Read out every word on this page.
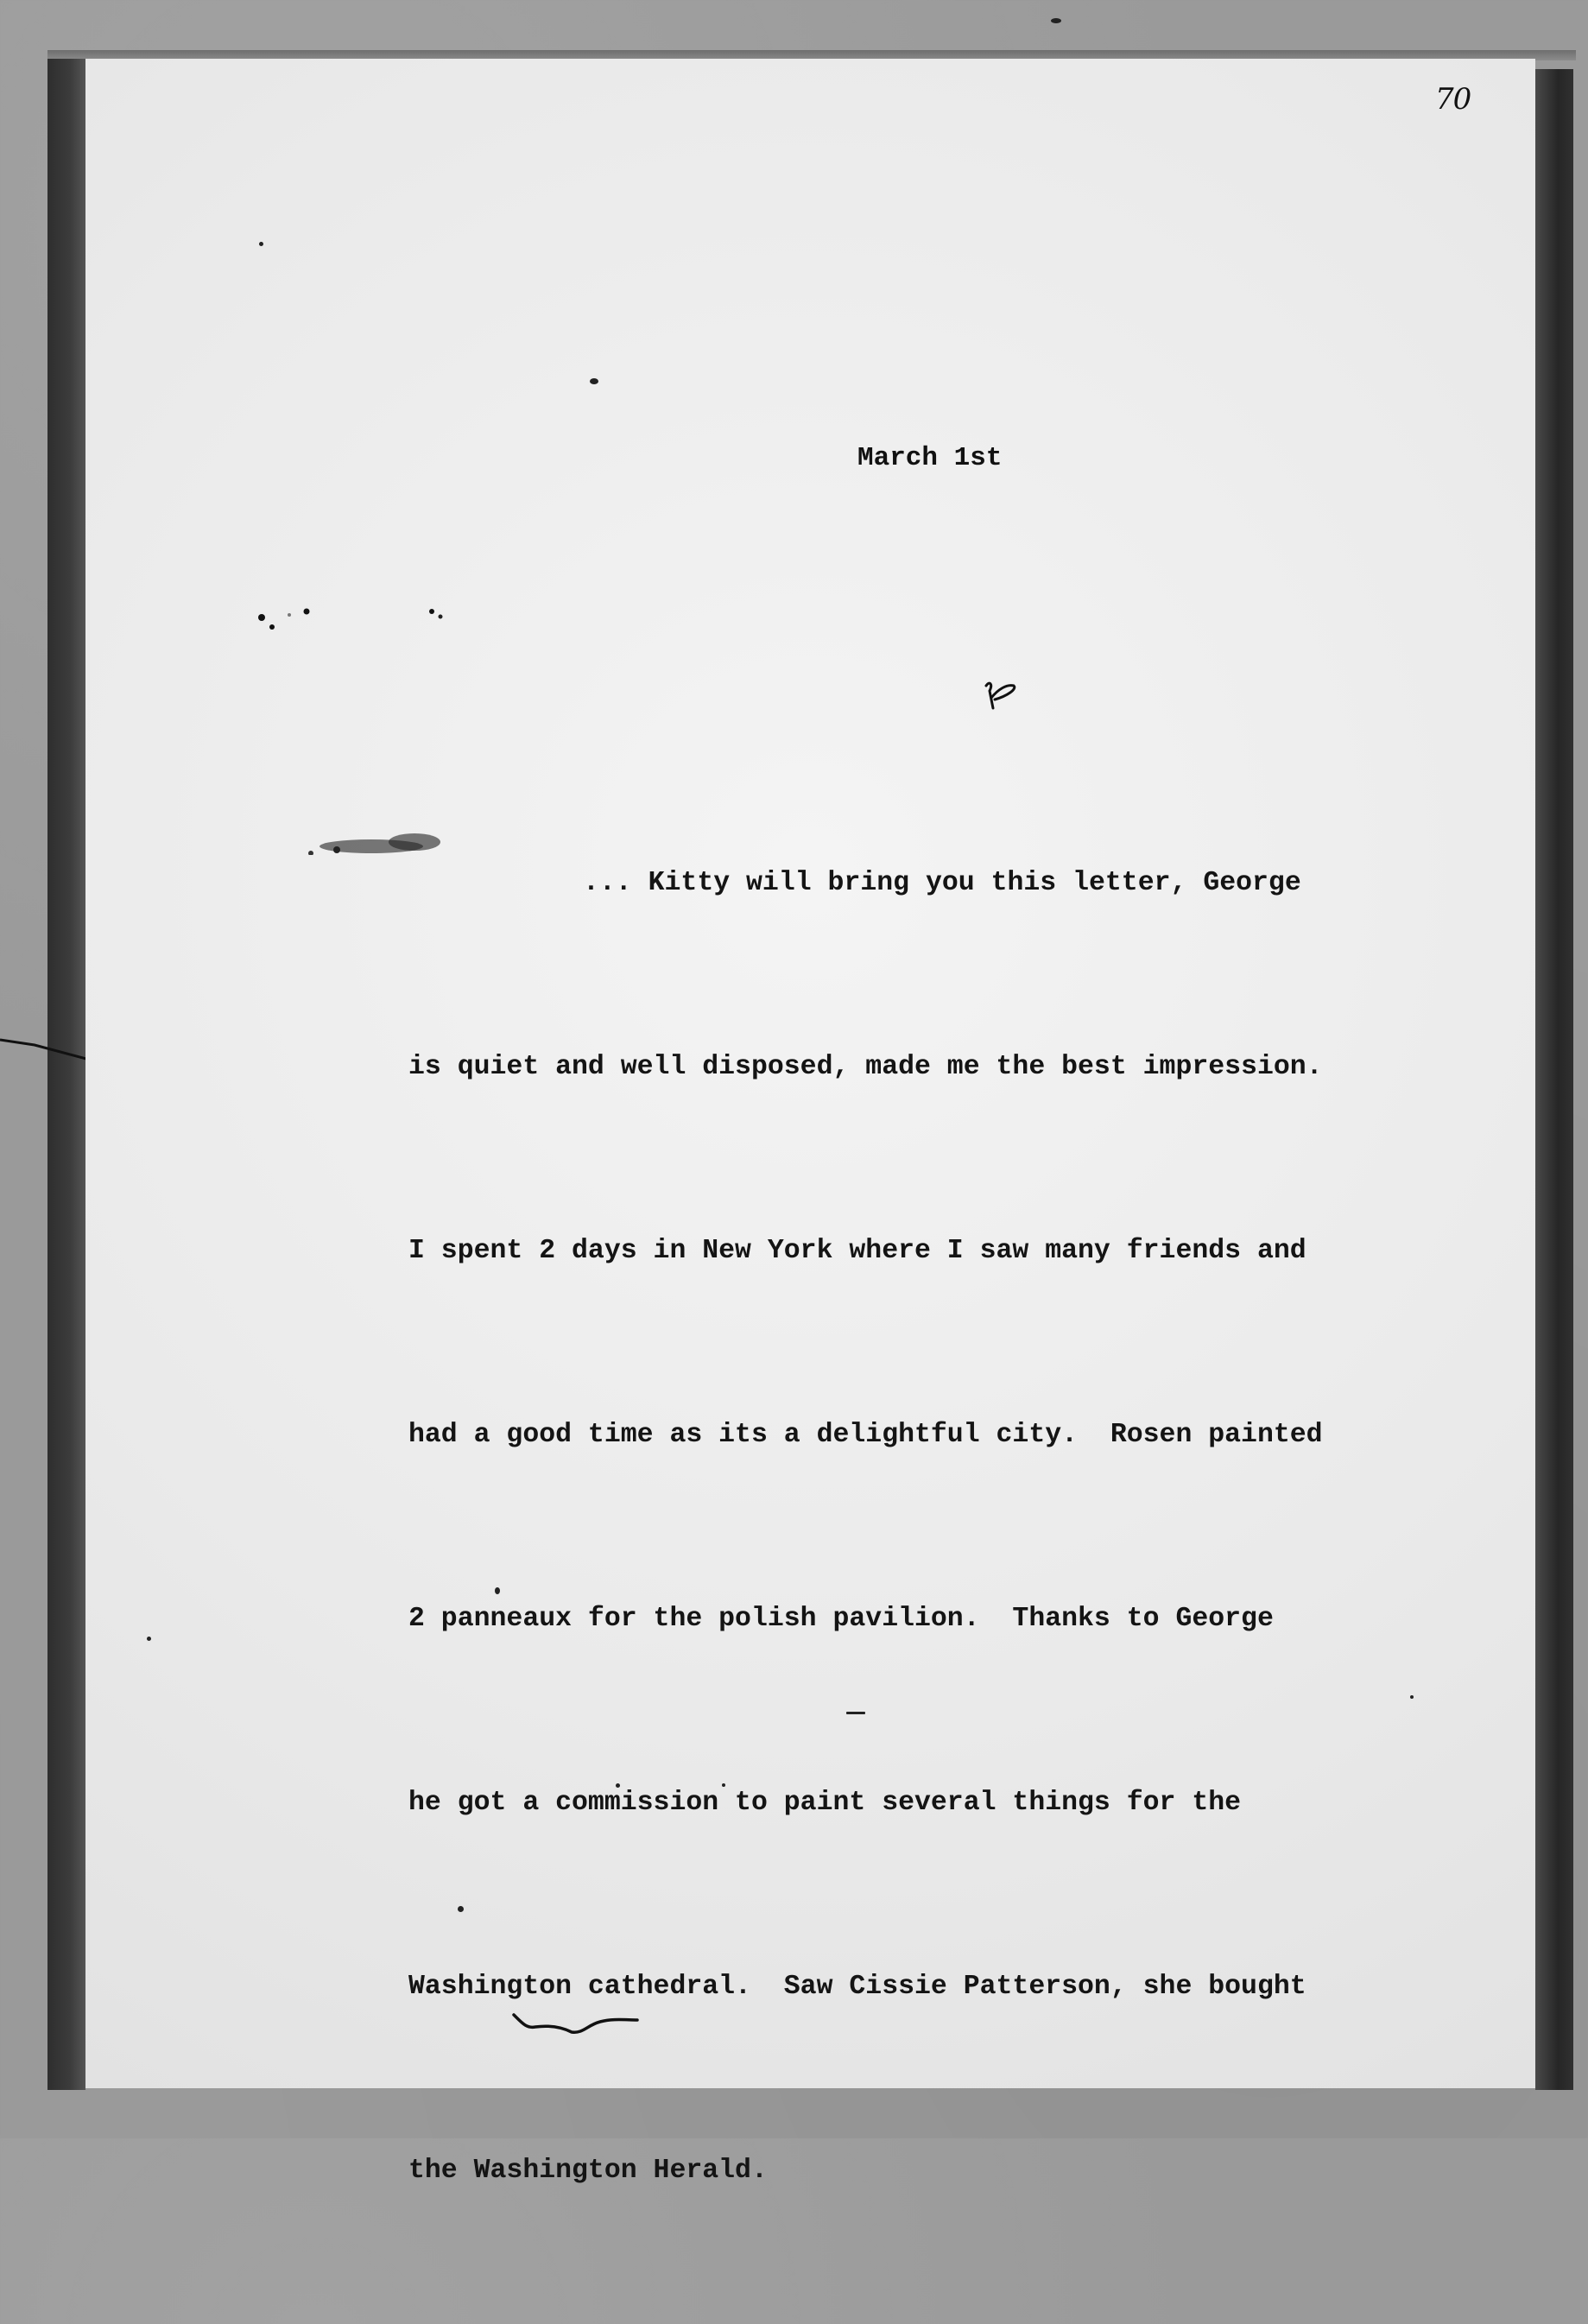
70
March 1st

... Kitty will bring you this letter, George

is quiet and well disposed, made me the best impression.

I spent 2 days in New York where I saw many friends and

had a good time as its a delightful city.  Rosen painted

2 panneaux for the polish pavilion.  Thanks to George

he got a commission to paint several things for the

Washington cathedral.  Saw Cissie Patterson, she bought

the Washington Herald.
